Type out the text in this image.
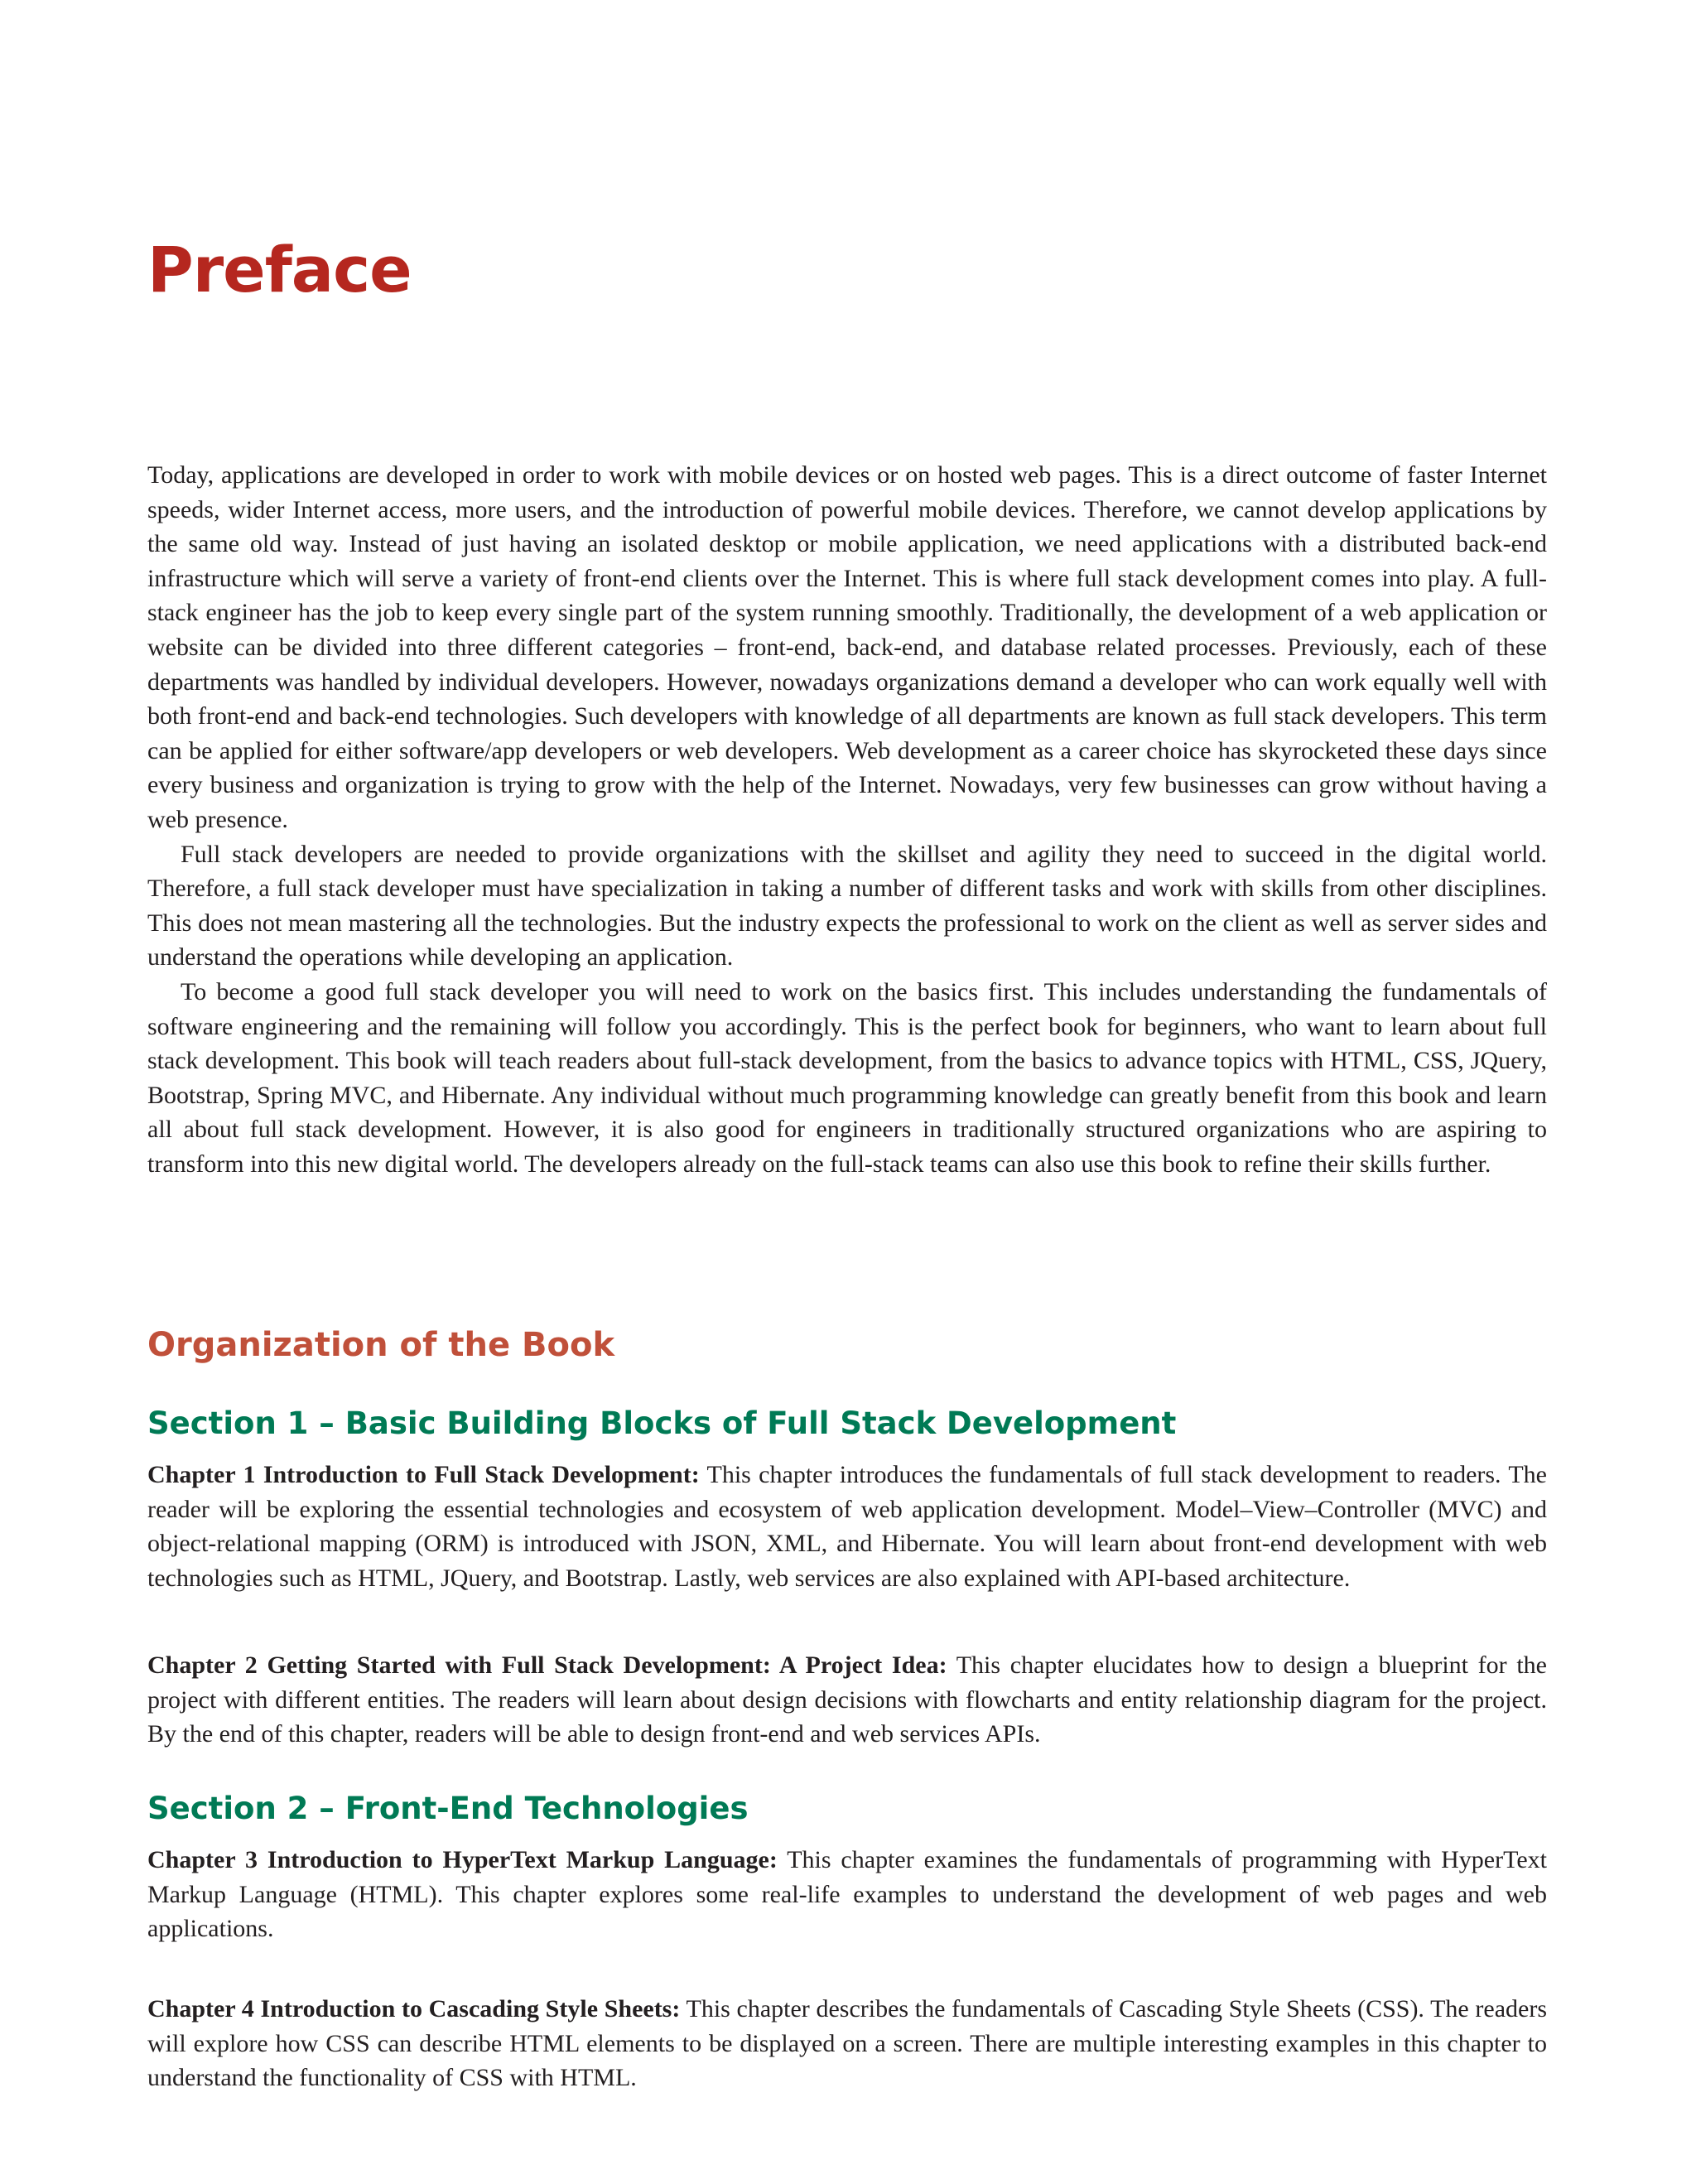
Preface

Today, applications are developed in order to work with mobile devices or on hosted web pages. This is a direct outcome of faster Internet speeds, wider Internet access, more users, and the introduction of powerful mobile devices. Therefore, we cannot develop applications by the same old way. Instead of just having an isolated desktop or mobile application, we need applications with a distributed back-end infrastructure which will serve a variety of front-end clients over the Internet. This is where full stack development comes into play. A full-stack engineer has the job to keep every single part of the system running smoothly. Traditionally, the development of a web application or website can be divided into three different categories – front-end, back-end, and database related processes. Previously, each of these departments was handled by individual developers. However, nowadays organizations demand a developer who can work equally well with both front-end and back-end technologies. Such developers with knowledge of all departments are known as full stack developers. This term can be applied for either software/app developers or web developers. Web development as a career choice has skyrocketed these days since every business and organization is trying to grow with the help of the Internet. Nowadays, very few businesses can grow without having a web presence.

Full stack developers are needed to provide organizations with the skillset and agility they need to succeed in the digital world. Therefore, a full stack developer must have specialization in taking a number of different tasks and work with skills from other disciplines. This does not mean mastering all the technologies. But the industry expects the professional to work on the client as well as server sides and understand the operations while developing an application.

To become a good full stack developer you will need to work on the basics first. This includes understanding the fundamentals of software engineering and the remaining will follow you accordingly. This is the perfect book for beginners, who want to learn about full stack development. This book will teach readers about full-stack development, from the basics to advance topics with HTML, CSS, JQuery, Bootstrap, Spring MVC, and Hibernate. Any individual without much programming knowledge can greatly benefit from this book and learn all about full stack development. However, it is also good for engineers in traditionally structured organizations who are aspiring to transform into this new digital world. The developers already on the full-stack teams can also use this book to refine their skills further.

Organization of the Book
Section 1 – Basic Building Blocks of Full Stack Development

Chapter 1 Introduction to Full Stack Development: This chapter introduces the fundamentals of full stack development to readers. The reader will be exploring the essential technologies and ecosystem of web application development. Model–View–Controller (MVC) and object-relational mapping (ORM) is introduced with JSON, XML, and Hibernate. You will learn about front-end development with web technologies such as HTML, JQuery, and Bootstrap. Lastly, web services are also explained with API-based architecture.

Chapter 2 Getting Started with Full Stack Development: A Project Idea: This chapter elucidates how to design a blueprint for the project with different entities. The readers will learn about design decisions with flowcharts and entity relationship diagram for the project. By the end of this chapter, readers will be able to design front-end and web services APIs.

Section 2 – Front-End Technologies

Chapter 3 Introduction to HyperText Markup Language: This chapter examines the fundamentals of programming with HyperText Markup Language (HTML). This chapter explores some real-life examples to understand the development of web pages and web applications.

Chapter 4 Introduction to Cascading Style Sheets: This chapter describes the fundamentals of Cascading Style Sheets (CSS). The readers will explore how CSS can describe HTML elements to be displayed on a screen. There are multiple interesting examples in this chapter to understand the functionality of CSS with HTML.
